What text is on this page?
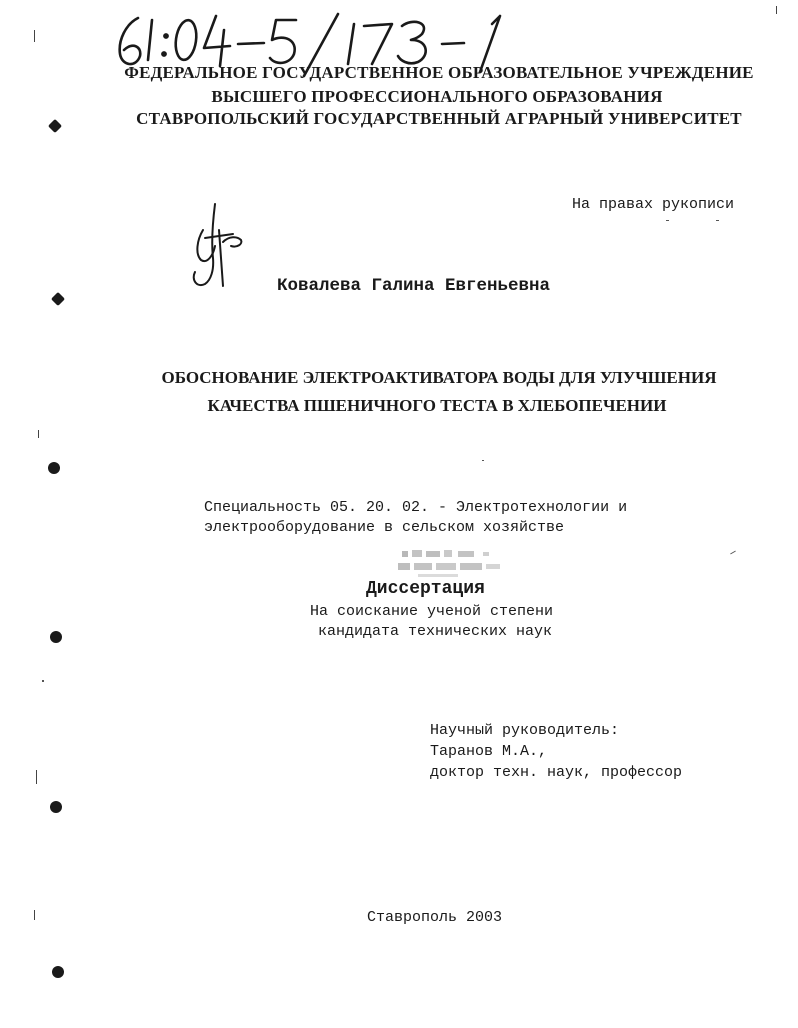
61:04-5/173-1 ФЕДЕРАЛЬНОЕ ГОСУДАРСТВЕННОЕ ОБРАЗОВАТЕЛЬНОЕ УЧРЕЖДЕНИЕ
ВЫСШЕГО ПРОФЕССИОНАЛЬНОГО ОБРАЗОВАНИЯ
СТАВРОПОЛЬСКИЙ ГОСУДАРСТВЕННЫЙ АГРАРНЫЙ УНИВЕРСИТЕТ
На правах рукописи
Ковалева Галина Евгеньевна
ОБОСНОВАНИЕ ЭЛЕКТРОАКТИВАТОРА ВОДЫ ДЛЯ УЛУЧШЕНИЯ
КАЧЕСТВА ПШЕНИЧНОГО ТЕСТА В ХЛЕБОПЕЧЕНИИ
Специальность 05. 20. 02. - Электротехнологии и
электрооборудование в сельском хозяйстве
Диссертация
На соискание ученой степени
кандидата технических наук
Научный руководитель:
Таранов М.А.,
доктор техн. наук, профессор
Ставрополь 2003
